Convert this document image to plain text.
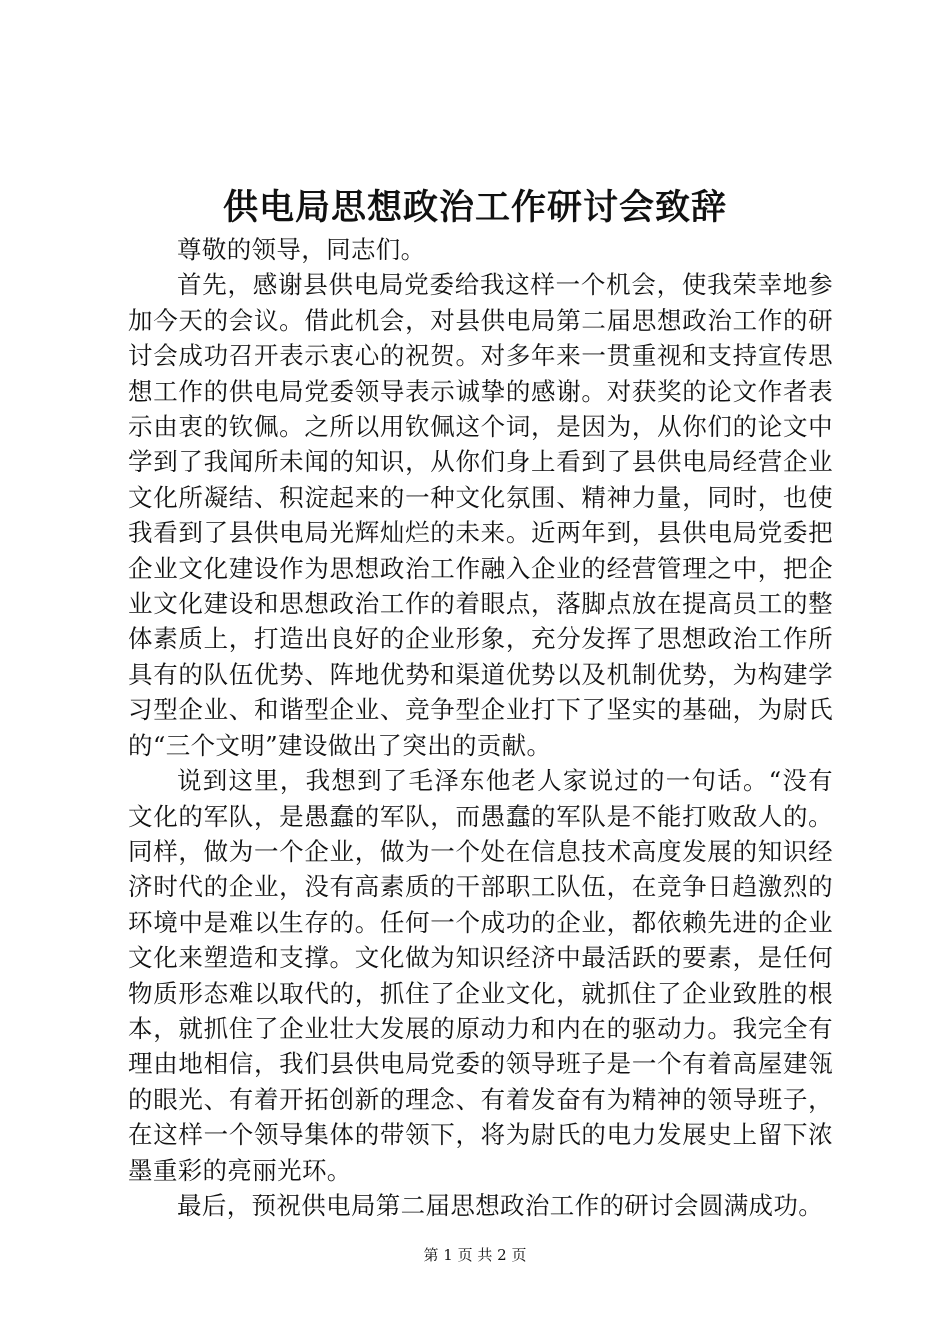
供电局思想政治工作研讨会致辞

尊敬的领导，同志们。

首先，感谢县供电局党委给我这样一个机会，使我荣幸地参加今天的会议。借此机会，对县供电局第二届思想政治工作的研讨会成功召开表示衷心的祝贺。对多年来一贯重视和支持宣传思想工作的供电局党委领导表示诚挚的感谢。对获奖的论文作者表示由衷的钦佩。之所以用钦佩这个词，是因为，从你们的论文中学到了我闻所未闻的知识，从你们身上看到了县供电局经营企业文化所凝结、积淀起来的一种文化氛围、精神力量，同时，也使我看到了县供电局光辉灿烂的未来。近两年到，县供电局党委把企业文化建设作为思想政治工作融入企业的经营管理之中，把企业文化建设和思想政治工作的着眼点，落脚点放在提高员工的整体素质上，打造出良好的企业形象，充分发挥了思想政治工作所具有的队伍优势、阵地优势和渠道优势以及机制优势，为构建学习型企业、和谐型企业、竞争型企业打下了坚实的基础，为尉氏的“三个文明”建设做出了突出的贡献。

说到这里，我想到了毛泽东他老人家说过的一句话。“没有文化的军队，是愚蠢的军队，而愚蠢的军队是不能打败敌人的。同样，做为一个企业，做为一个处在信息技术高度发展的知识经济时代的企业，没有高素质的干部职工队伍，在竞争日趋激烈的环境中是难以生存的。任何一个成功的企业，都依赖先进的企业文化来塑造和支撑。文化做为知识经济中最活跃的要素，是任何物质形态难以取代的，抓住了企业文化，就抓住了企业致胜的根本，就抓住了企业壮大发展的原动力和内在的驱动力。我完全有理由地相信，我们县供电局党委的领导班子是一个有着高屋建瓴的眼光、有着开拓创新的理念、有着发奋有为精神的领导班子，在这样一个领导集体的带领下，将为尉氏的电力发展史上留下浓墨重彩的亮丽光环。

最后，预祝供电局第二届思想政治工作的研讨会圆满成功。

第 1 页 共 2 页
